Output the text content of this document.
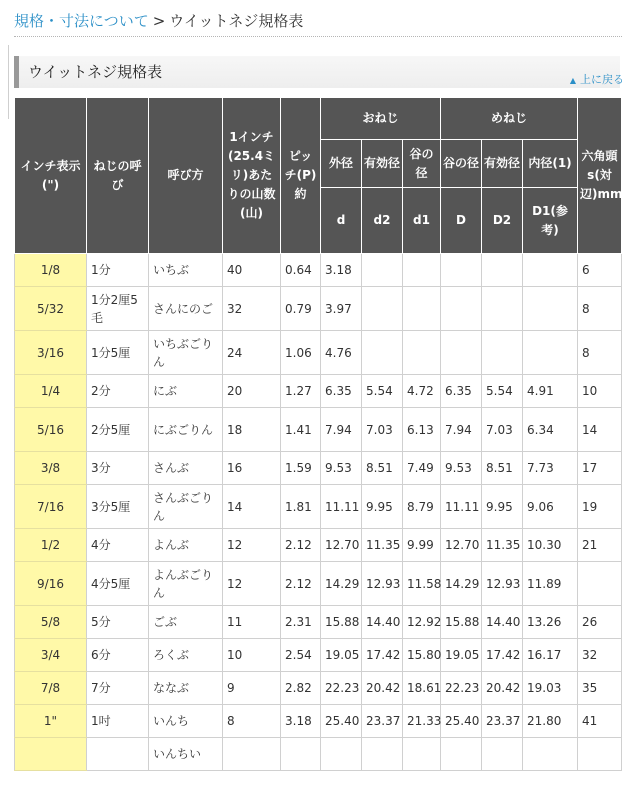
規格・寸法について > ウイットネジ規格表
ウイットネジ規格表	▲ 上に戻る
インチ表示(")	ねじの呼び	呼び方	1インチ(25.4ミリ)あたりの山数(山)	ピッチ(P)約	おねじ			めねじ			六角頭s(対辺)mm
					外径	有効径	谷の径	谷の径	有効径	内径(1)	
					d	d2	d1	D	D2	D1(参考)	
1/8	1分	いちぶ	40	0.64	3.18						6
5/32	1分2厘5毛	さんにのご	32	0.79	3.97						8
3/16	1分5厘	いちぶごりん	24	1.06	4.76						8
1/4	2分	にぶ	20	1.27	6.35	5.54	4.72	6.35	5.54	4.91	10
5/16	2分5厘	にぶごりん	18	1.41	7.94	7.03	6.13	7.94	7.03	6.34	14
3/8	3分	さんぶ	16	1.59	9.53	8.51	7.49	9.53	8.51	7.73	17
7/16	3分5厘	さんぶごりん	14	1.81	11.11	9.95	8.79	11.11	9.95	9.06	19
1/2	4分	よんぶ	12	2.12	12.70	11.35	9.99	12.70	11.35	10.30	21
9/16	4分5厘	よんぶごりん	12	2.12	14.29	12.93	11.58	14.29	12.93	11.89	
5/8	5分	ごぶ	11	2.31	15.88	14.40	12.92	15.88	14.40	13.26	26
3/4	6分	ろくぶ	10	2.54	19.05	17.42	15.80	19.05	17.42	16.17	32
7/8	7分	ななぶ	9	2.82	22.23	20.42	18.61	22.23	20.42	19.03	35
1"	1吋	いんち	8	3.18	25.40	23.37	21.33	25.40	23.37	21.80	41
		いんちい									
